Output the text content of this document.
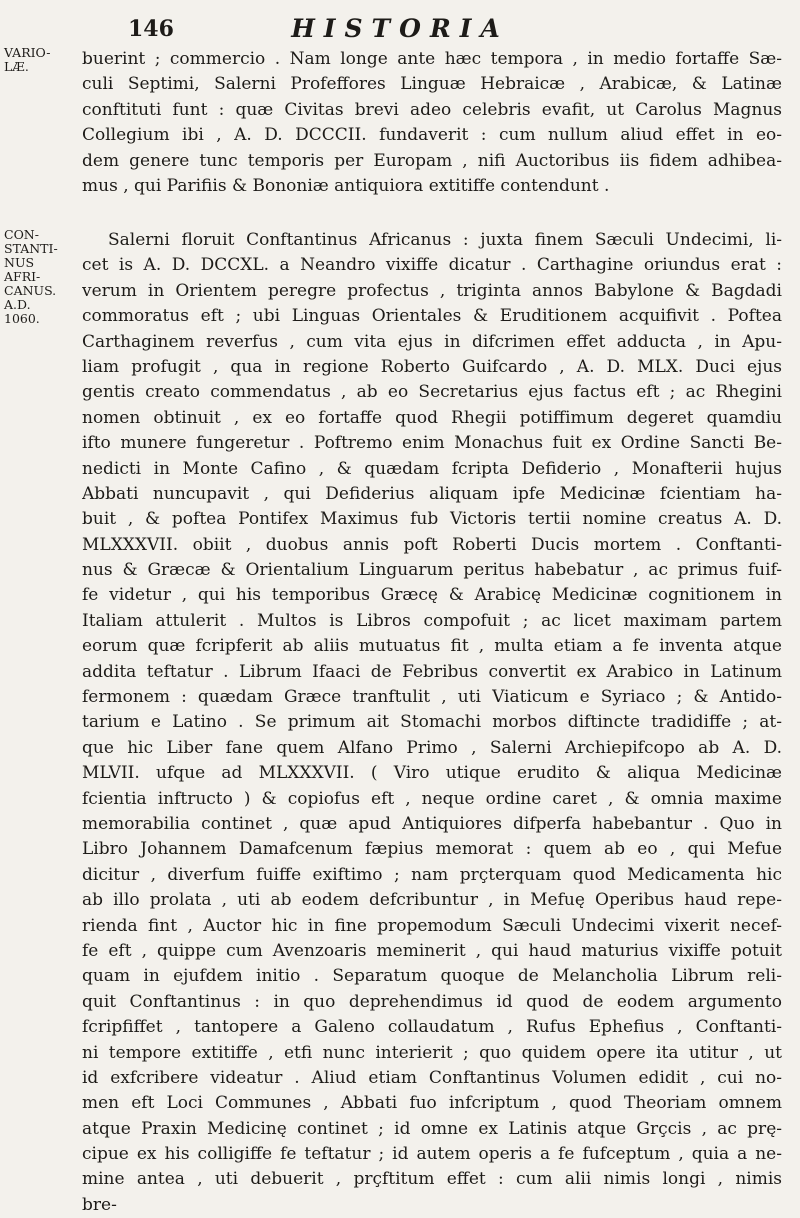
146	HISTORIA
VARIO-
LÆ.
CON-
STANTI-
NUS
AFRI-
CANUS.
A.D.
1060.
buerint ; commercio . Nam longe ante hæc tempora , in medio fortaffe Sæ-
culi Septimi, Salerni Profeffores Linguæ Hebraicæ , Arabicæ, & Latinæ
conftituti funt : quæ Civitas brevi adeo celebris evafit, ut Carolus Magnus
Collegium ibi , A. D. DCCCII. fundaverit : cum nullum aliud effet in eo-
dem genere tunc temporis per Europam , nifi Auctoribus iis fidem adhibea-
mus , qui Parifiis & Bononiæ antiquiora extitiffe contendunt .
Salerni floruit Conftantinus Africanus : juxta finem Sæculi Undecimi, li-
cet is A. D. DCCXL. a Neandro vixiffe dicatur . Carthagine oriundus erat :
verum in Orientem peregre profectus , triginta annos Babylone & Bagdadi
commoratus eft ; ubi Linguas Orientales & Eruditionem acquifivit . Poftea
Carthaginem reverfus , cum vita ejus in difcrimen effet adducta , in Apu-
liam profugit , qua in regione Roberto Guifcardo , A. D. MLX. Duci ejus
gentis creato commendatus , ab eo Secretarius ejus factus eft ; ac Rhegini
nomen obtinuit , ex eo fortaffe quod Rhegii potiffimum degeret quamdiu
ifto munere fungeretur . Poftremo enim Monachus fuit ex Ordine Sancti Be-
nedicti in Monte Cafino , & quædam fcripta Defiderio , Monafterii hujus
Abbati nuncupavit , qui Defiderius aliquam ipfe Medicinæ fcientiam ha-
buit , & poftea Pontifex Maximus fub Victoris tertii nomine creatus A. D.
MLXXXVII. obiit , duobus annis poft Roberti Ducis mortem . Conftanti-
nus & Græcæ & Orientalium Linguarum peritus habebatur , ac primus fuif-
fe videtur , qui his temporibus Græcę & Arabicę Medicinæ cognitionem in
Italiam attulerit . Multos is Libros compofuit ; ac licet maximam partem
eorum quæ fcripferit ab aliis mutuatus fit , multa etiam a fe inventa atque
addita teftatur . Librum Ifaaci de Febribus convertit ex Arabico in Latinum
fermonem : quædam Græce tranftulit , uti Viaticum e Syriaco ; & Antido-
tarium e Latino . Se primum ait Stomachi morbos diftincte tradidiffe ; at-
que hic Liber fane quem Alfano Primo , Salerni Archiepifcopo ab A. D.
MLVII. ufque ad MLXXXVII. ( Viro utique erudito & aliqua Medicinæ
fcientia inftructo ) & copiofus eft , neque ordine caret , & omnia maxime
memorabilia continet , quæ apud Antiquiores difperfa habebantur . Quo in
Libro Johannem Damafcenum fæpius memorat : quem ab eo , qui Mefue
dicitur , diverfum fuiffe exiftimo ; nam prçterquam quod Medicamenta hic
ab illo prolata , uti ab eodem defcribuntur , in Mefuę Operibus haud repe-
rienda fint , Auctor hic in fine propemodum Sæculi Undecimi vixerit necef-
fe eft , quippe cum Avenzoaris meminerit , qui haud maturius vixiffe potuit
quam in ejufdem initio . Separatum quoque de Melancholia Librum reli-
quit Conftantinus : in quo deprehendimus id quod de eodem argumento
fcripfiffet , tantopere a Galeno collaudatum , Rufus Ephefius , Conftanti-
ni tempore extitiffe , etfi nunc interierit ; quo quidem opere ita utitur , ut
id exfcribere videatur . Aliud etiam Conftantinus Volumen edidit , cui no-
men eft Loci Communes , Abbati fuo infcriptum , quod Theoriam omnem
atque Praxin Medicinę continet ; id omne ex Latinis atque Grçcis , ac prę-
cipue ex his colligiffe fe teftatur ; id autem operis a fe fufceptum , quia a ne-
mine antea , uti debuerit , prçftitum effet : cum alii nimis longi , nimis
bre-
